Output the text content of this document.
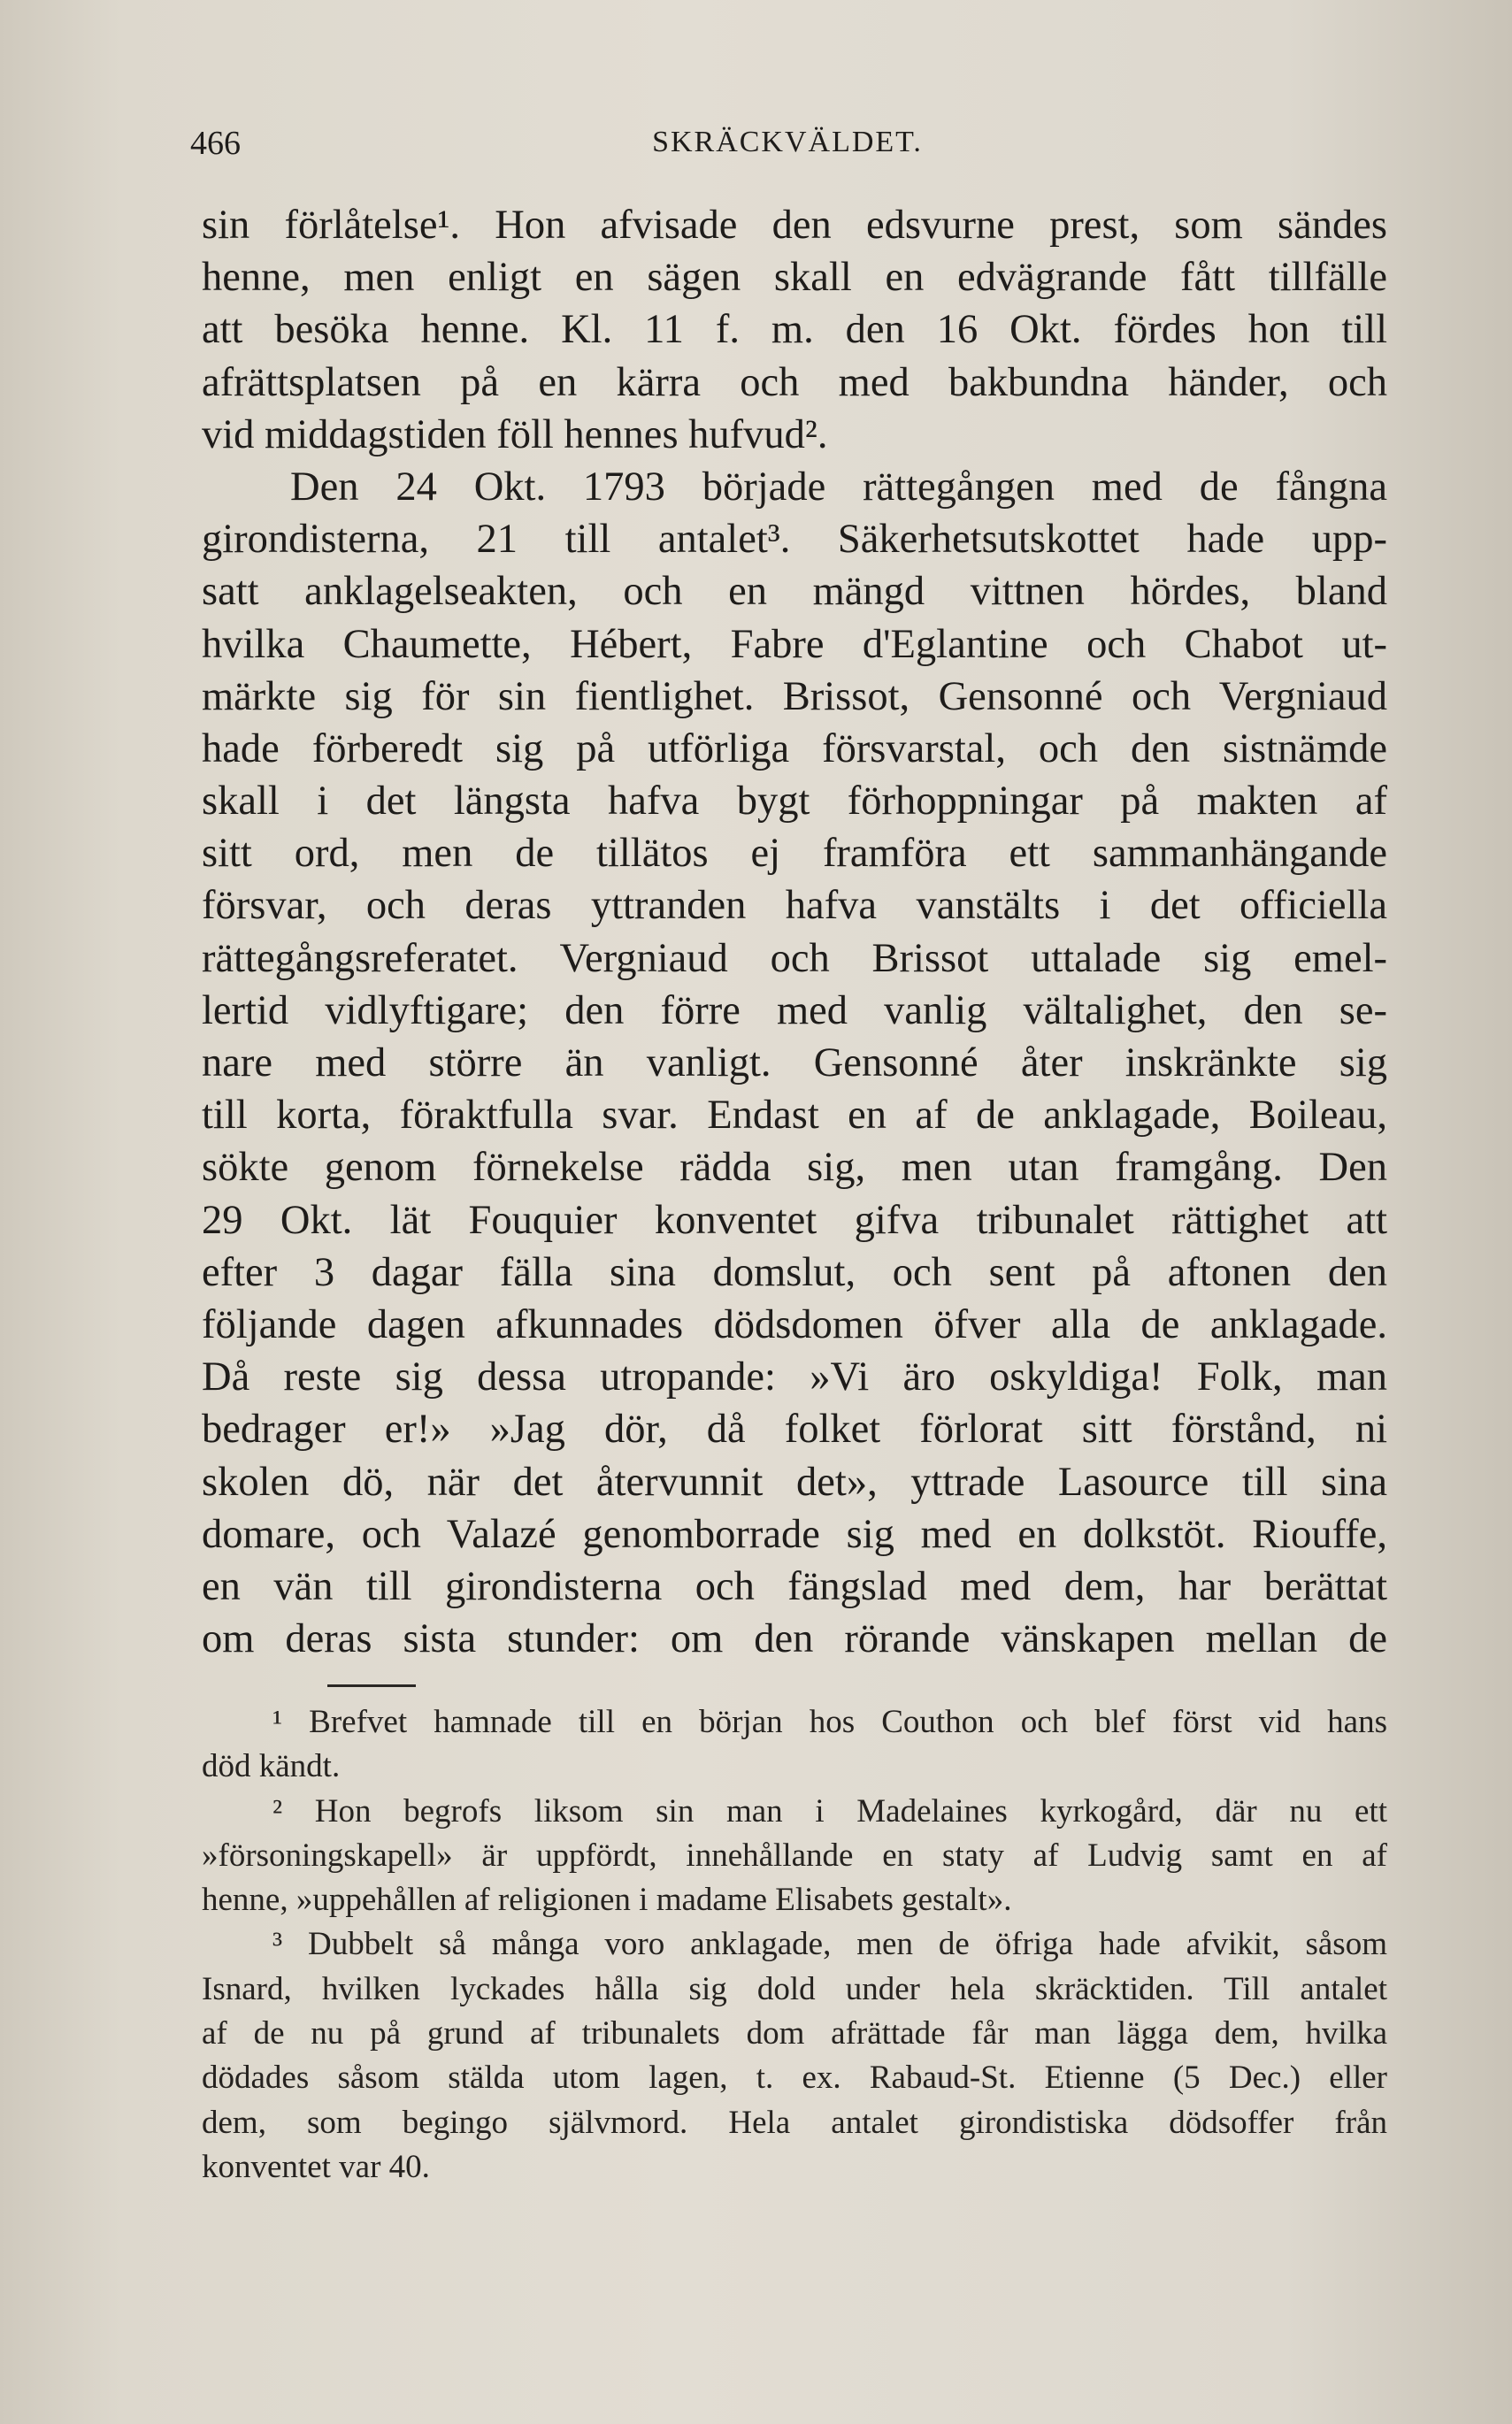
466	SKRÄCKVÄLDET.
sin förlåtelse¹. Hon afvisade den edsvurne prest, som sändes
henne, men enligt en sägen skall en edvägrande fått tillfälle
att besöka henne. Kl. 11 f. m. den 16 Okt. fördes hon till
afrättsplatsen på en kärra och med bakbundna händer, och
vid middagstiden föll hennes hufvud².
Den 24 Okt. 1793 började rättegången med de fångna
girondisterna, 21 till antalet³. Säkerhetsutskottet hade upp-
satt anklagelseakten, och en mängd vittnen hördes, bland
hvilka Chaumette, Hébert, Fabre d'Eglantine och Chabot ut-
märkte sig för sin fientlighet. Brissot, Gensonné och Vergniaud
hade förberedt sig på utförliga försvarstal, och den sistnämde
skall i det längsta hafva bygt förhoppningar på makten af
sitt ord, men de tillätos ej framföra ett sammanhängande
försvar, och deras yttranden hafva vanstälts i det officiella
rättegångsreferatet. Vergniaud och Brissot uttalade sig emel-
lertid vidlyftigare; den förre med vanlig vältalighet, den se-
nare med större än vanligt. Gensonné åter inskränkte sig
till korta, föraktfulla svar. Endast en af de anklagade, Boileau,
sökte genom förnekelse rädda sig, men utan framgång. Den
29 Okt. lät Fouquier konventet gifva tribunalet rättighet att
efter 3 dagar fälla sina domslut, och sent på aftonen den
följande dagen afkunnades dödsdomen öfver alla de anklagade.
Då reste sig dessa utropande: »Vi äro oskyldiga! Folk, man
bedrager er!» »Jag dör, då folket förlorat sitt förstånd, ni
skolen dö, när det återvunnit det», yttrade Lasource till sina
domare, och Valazé genomborrade sig med en dolkstöt. Riouffe,
en vän till girondisterna och fängslad med dem, har berättat
om deras sista stunder: om den rörande vänskapen mellan de
¹ Brefvet hamnade till en början hos Couthon och blef först vid hans
död kändt.
² Hon begrofs liksom sin man i Madelaines kyrkogård, där nu ett
»försoningskapell» är uppfördt, innehållande en staty af Ludvig samt en af
henne, »uppehållen af religionen i madame Elisabets gestalt».
³ Dubbelt så många voro anklagade, men de öfriga hade afvikit, såsom
Isnard, hvilken lyckades hålla sig dold under hela skräcktiden. Till antalet
af de nu på grund af tribunalets dom afrättade får man lägga dem, hvilka
dödades såsom stälda utom lagen, t. ex. Rabaud-St. Etienne (5 Dec.) eller
dem, som begingo självmord. Hela antalet girondistiska dödsoffer från
konventet var 40.
